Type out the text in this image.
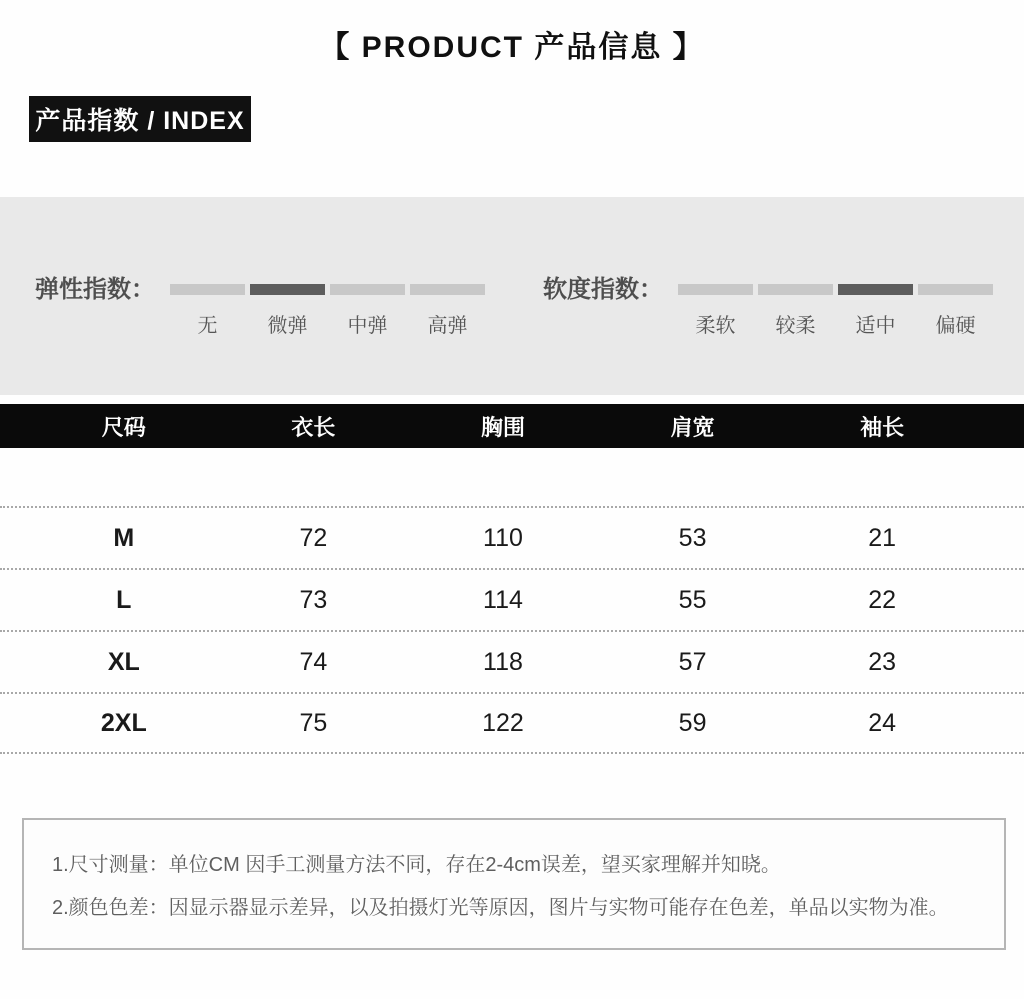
【 PRODUCT 产品信息 】
产品指数 / INDEX
弹性指数：
无	微弹	中弹	高弹
软度指数：
柔软	较柔	适中	偏硬
尺码	衣长	胸围	肩宽	袖长
M	72	110	53	21
L	73	114	55	22
XL	74	118	57	23
2XL	75	122	59	24

1.尺寸测量：单位CM 因手工测量方法不同，存在2-4cm误差，望买家理解并知晓。

2.颜色色差：因显示器显示差异，以及拍摄灯光等原因，图片与实物可能存在色差，单品以实物为准。
